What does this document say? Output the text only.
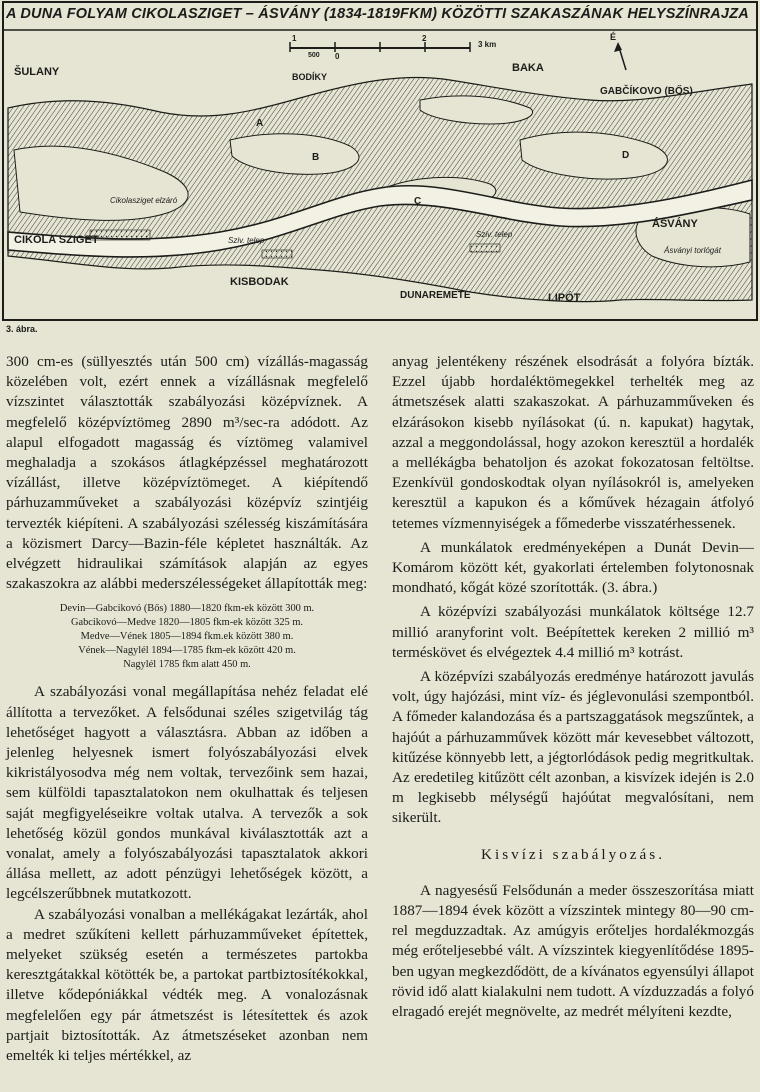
A DUNA FOLYAM CIKOLASZIGET – ÁSVÁNY (1834-1819FKM) KÖZÖTTI SZAKASZÁNAK HELYSZÍNRAJZA
1
500 0
2
3 km
É
ŠULANY	BODÍKY
BAKA
GABČÍKOVO (BŐS)
Cikolasziget elzáró
CIKOLA SZIGET	Sziv. telep
Sziv. telep
KISBODAK
DUNAREMETE	LIPÓT
ÁSVÁNY
Ásványi torlógát
A
B
C
D
3. ábra.

300 cm-es (süllyesztés után 500 cm) vízállás-magasság közelében volt, ezért ennek a vízállásnak megfelelő vízszintet választották szabályozási középvíznek. A megfelelő középvíztömeg 2890 m³/sec-ra adódott. Az alapul elfogadott magasság és víztömeg valamivel meghaladja a szokásos átlagképzéssel meghatározott vízállást, illetve középvíztömeget. A kiépítendő párhuzamműveket a szabályozási középvíz szintjéig tervezték kiépíteni. A szabályozási szélesség kiszámítására a közismert Darcy—Bazin-féle képletet használták. Az elvégzett hidraulikai számítások alapján az egyes szakaszokra az alábbi mederszélességeket állapították meg:

Devin—Gabcikovó (Bős) 1880—1820 fkm-ek között 300 m.
Gabcikovó—Medve 1820—1805 fkm-ek között 325 m.
Medve—Vének 1805—1894 fkm.ek között 380 m.
Vének—Nagylél 1894—1785 fkm-ek között 420 m.
Nagylél 1785 fkm alatt 450 m.

A szabályozási vonal megállapítása nehéz feladat elé állította a tervezőket. A felsődunai széles szigetvilág tág lehetőséget hagyott a választásra. Abban az időben a jelenleg helyesnek ismert folyószabályozási elvek kikristályosodva még nem voltak, tervezőink sem hazai, sem külföldi tapasztalatokon nem okulhattak és teljesen saját megfigyeléseikre voltak utalva. A tervezők a sok lehetőség közül gondos munkával kiválasztották azt a vonalat, amely a folyószabályozási tapasztalatok akkori állása mellett, az adott pénzügyi lehetőségek között, a legcélszerűbbnek mutatkozott.

A szabályozási vonalban a mellékágakat lezárták, ahol a medret szűkíteni kellett párhuzamműveket építettek, melyeket szükség esetén a természetes partokba keresztgátakkal kötötték be, a partokat partbiztosítékokkal, illetve kődepóniákkal védték meg. A vonalozásnak megfelelően egy pár átmetszést is létesítettek és azok partjait biztosították. Az átmetszéseket azonban nem emelték ki teljes mértékkel, az

anyag jelentékeny részének elsodrását a folyóra bízták. Ezzel újabb hordaléktömegekkel terhelték meg az átmetszések alatti szakaszokat. A párhuzamműveken és elzárásokon kisebb nyílásokat (ú. n. kapukat) hagytak, azzal a meggondolással, hogy azokon keresztül a hordalék a mellékágba behatoljon és azokat fokozatosan feltöltse. Ezenkívül gondoskodtak olyan nyílásokról is, amelyeken keresztül a kapukon és a kőművek hézagain átfolyó tetemes vízmennyiségek a főmederbe visszatérhessenek.

A munkálatok eredményeképen a Dunát Devin—Komárom között két, gyakorlati értelemben folytonosnak mondható, kőgát közé szorították. (3. ábra.)

A középvízi szabályozási munkálatok költsége 12.7 millió aranyforint volt. Beépítettek kereken 2 millió m³ terméskövet és elvégeztek 4.4 millió m³ kotrást.

A középvízi szabályozás eredménye határozott javulás volt, úgy hajózási, mint víz- és jéglevonulási szempontból. A főmeder kalandozása és a partszaggatások megszűntek, a hajóút a párhuzamművek között már kevesebbet változott, kitűzése könnyebb lett, a jégtorlódások pedig megritkultak. Az eredetileg kitűzött célt azonban, a kisvízek idején is 2.0 m legkisebb mélységű hajóútat megvalósítani, nem sikerült.

Kisvízi szabályozás.

A nagyesésű Felsődunán a meder összeszorítása miatt 1887—1894 évek között a vízszintek mintegy 80—90 cm-rel megduzzadtak. Az amúgyis erőteljes hordalékmozgás még erőteljesebbé vált. A vízszintek kiegyenlítődése 1895-ben ugyan megkezdődött, de a kívánatos egyensúlyi állapot rövid idő alatt kialakulni nem tudott. A vízduzzadás a folyó elragadó erejét megnövelte, az medrét mélyíteni kezdte,
